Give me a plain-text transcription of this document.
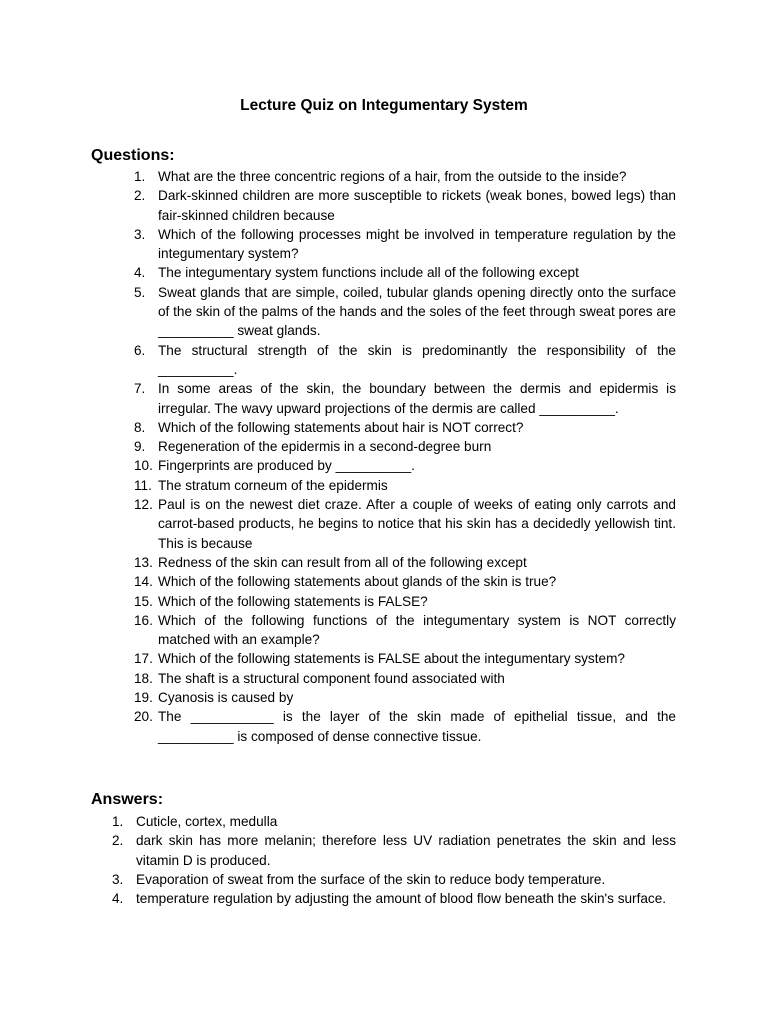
Lecture Quiz on Integumentary System
Questions:
1. What are the three concentric regions of a hair, from the outside to the inside?
2. Dark-skinned children are more susceptible to rickets (weak bones, bowed legs) than fair-skinned children because
3. Which of the following processes might be involved in temperature regulation by the integumentary system?
4. The integumentary system functions include all of the following except
5. Sweat glands that are simple, coiled, tubular glands opening directly onto the surface of the skin of the palms of the hands and the soles of the feet through sweat pores are __________ sweat glands.
6. The structural strength of the skin is predominantly the responsibility of the __________.
7. In some areas of the skin, the boundary between the dermis and epidermis is irregular. The wavy upward projections of the dermis are called __________.
8. Which of the following statements about hair is NOT correct?
9. Regeneration of the epidermis in a second-degree burn
10. Fingerprints are produced by __________.
11. The stratum corneum of the epidermis
12. Paul is on the newest diet craze. After a couple of weeks of eating only carrots and carrot-based products, he begins to notice that his skin has a decidedly yellowish tint. This is because
13. Redness of the skin can result from all of the following except
14. Which of the following statements about glands of the skin is true?
15. Which of the following statements is FALSE?
16. Which of the following functions of the integumentary system is NOT correctly matched with an example?
17. Which of the following statements is FALSE about the integumentary system?
18. The shaft is a structural component found associated with
19. Cyanosis is caused by
20. The ___________ is the layer of the skin made of epithelial tissue, and the __________ is composed of dense connective tissue.
Answers:
1. Cuticle, cortex, medulla
2. dark skin has more melanin; therefore less UV radiation penetrates the skin and less vitamin D is produced.
3. Evaporation of sweat from the surface of the skin to reduce body temperature.
4. temperature regulation by adjusting the amount of blood flow beneath the skin's surface.
